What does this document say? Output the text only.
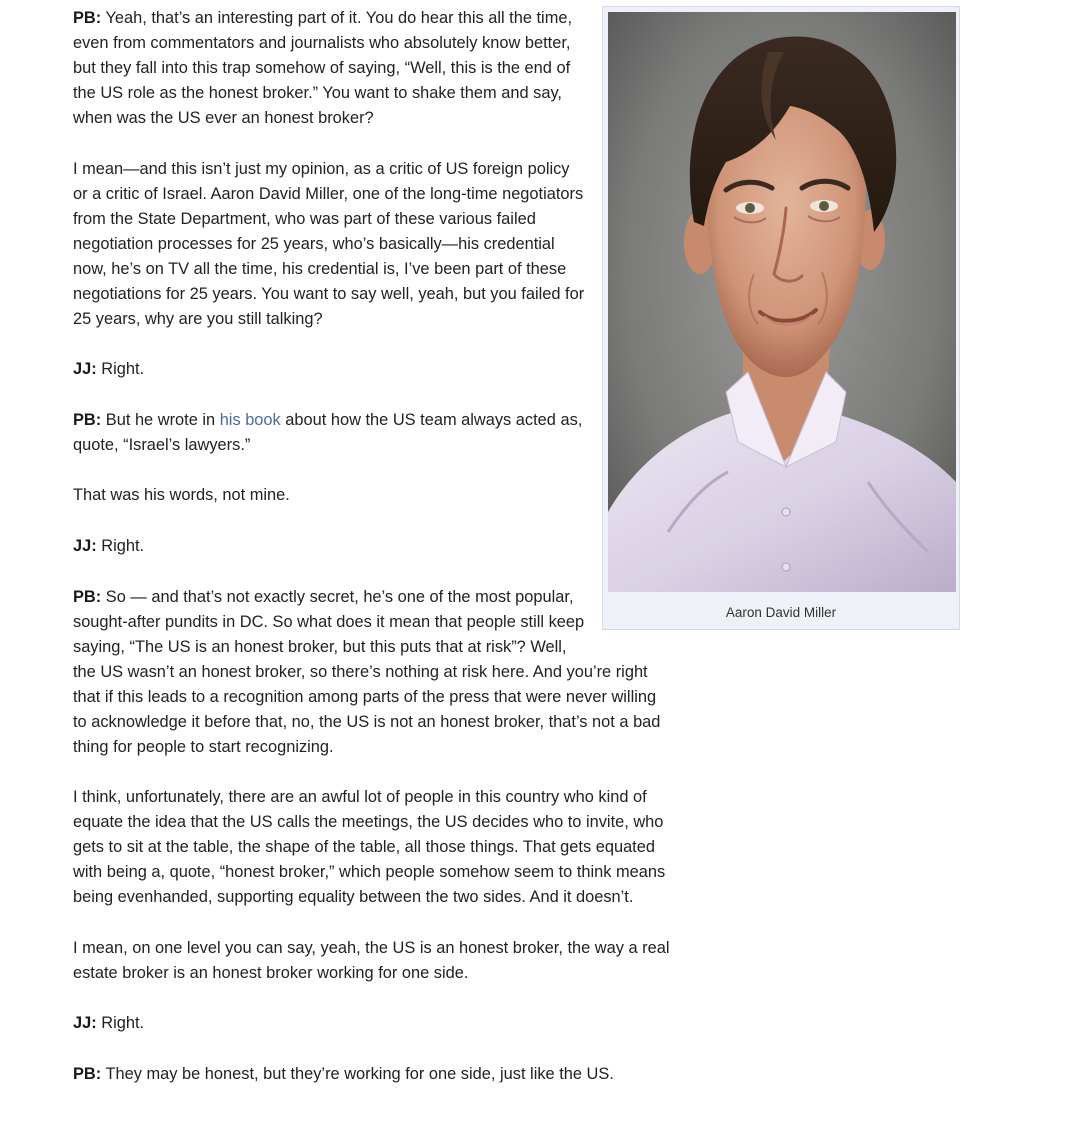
Aaron David Miller

PB: Yeah, that’s an interesting part of it. You do hear this all the time, even from commentators and journalists who absolutely know better, but they fall into this trap somehow of saying, “Well, this is the end of the US role as the honest broker.” You want to shake them and say, when was the US ever an honest broker?

I mean—and this isn’t just my opinion, as a critic of US foreign policy or a critic of Israel. Aaron David Miller, one of the long-time negotiators from the State Department, who was part of these various failed negotiation processes for 25 years, who’s basically—his credential now, he’s on TV all the time, his credential is, I’ve been part of these negotiations for 25 years. You want to say well, yeah, but you failed for 25 years, why are you still talking?

JJ: Right.

PB: But he wrote in his book about how the US team always acted as, quote, “Israel’s lawyers.”

That was his words, not mine.

JJ: Right.

PB: So — and that’s not exactly secret, he’s one of the most popular, sought-after pundits in DC. So what does it mean that people still keep saying, “The US is an honest broker, but this puts that at risk”? Well, the US wasn’t an honest broker, so there’s nothing at risk here. And you’re right that if this leads to a recognition among parts of the press that were never willing to acknowledge it before that, no, the US is not an honest broker, that’s not a bad thing for people to start recognizing.

I think, unfortunately, there are an awful lot of people in this country who kind of equate the idea that the US calls the meetings, the US decides who to invite, who gets to sit at the table, the shape of the table, all those things. That gets equated with being a, quote, “honest broker,” which people somehow seem to think means being evenhanded, supporting equality between the two sides. And it doesn’t.

I mean, on one level you can say, yeah, the US is an honest broker, the way a real estate broker is an honest broker working for one side.

JJ: Right.

PB: They may be honest, but they’re working for one side, just like the US.
